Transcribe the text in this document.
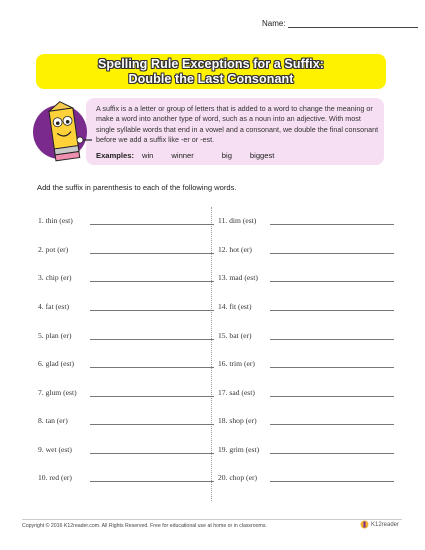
Name:
Spelling Rule Exceptions for a Suffix:
Double the Last Consonant
A suffix is a a letter or group of letters that is added to a word to change the meaning or make a word into another type of word, such as a noun into an adjective. With most single syllable words that end in a vowel and a consonant, we double the final consonant before we add a suffix like -er or -est.
Examples: win winner	big biggest
Add the suffix in parenthesis to each of the following words.
1. thin (est)
2. pot (er)
3. chip (er)
4. fat (est)
5. plan (er)
6. glad (est)
7. glum (est)
8. tan (er)
9. wet (est)
10. red (er)
11. dim (est)
12. hot (er)
13. mad (est)
14. fit (est)
15. bat (er)
16. trim (er)
17. sad (est)
18. shop (er)
19. grim (est)
20. chop (er)
Copyright © 2016 K12reader.com. All Rights Reserved. Free for educational use at home or in classrooms.	K12reader
